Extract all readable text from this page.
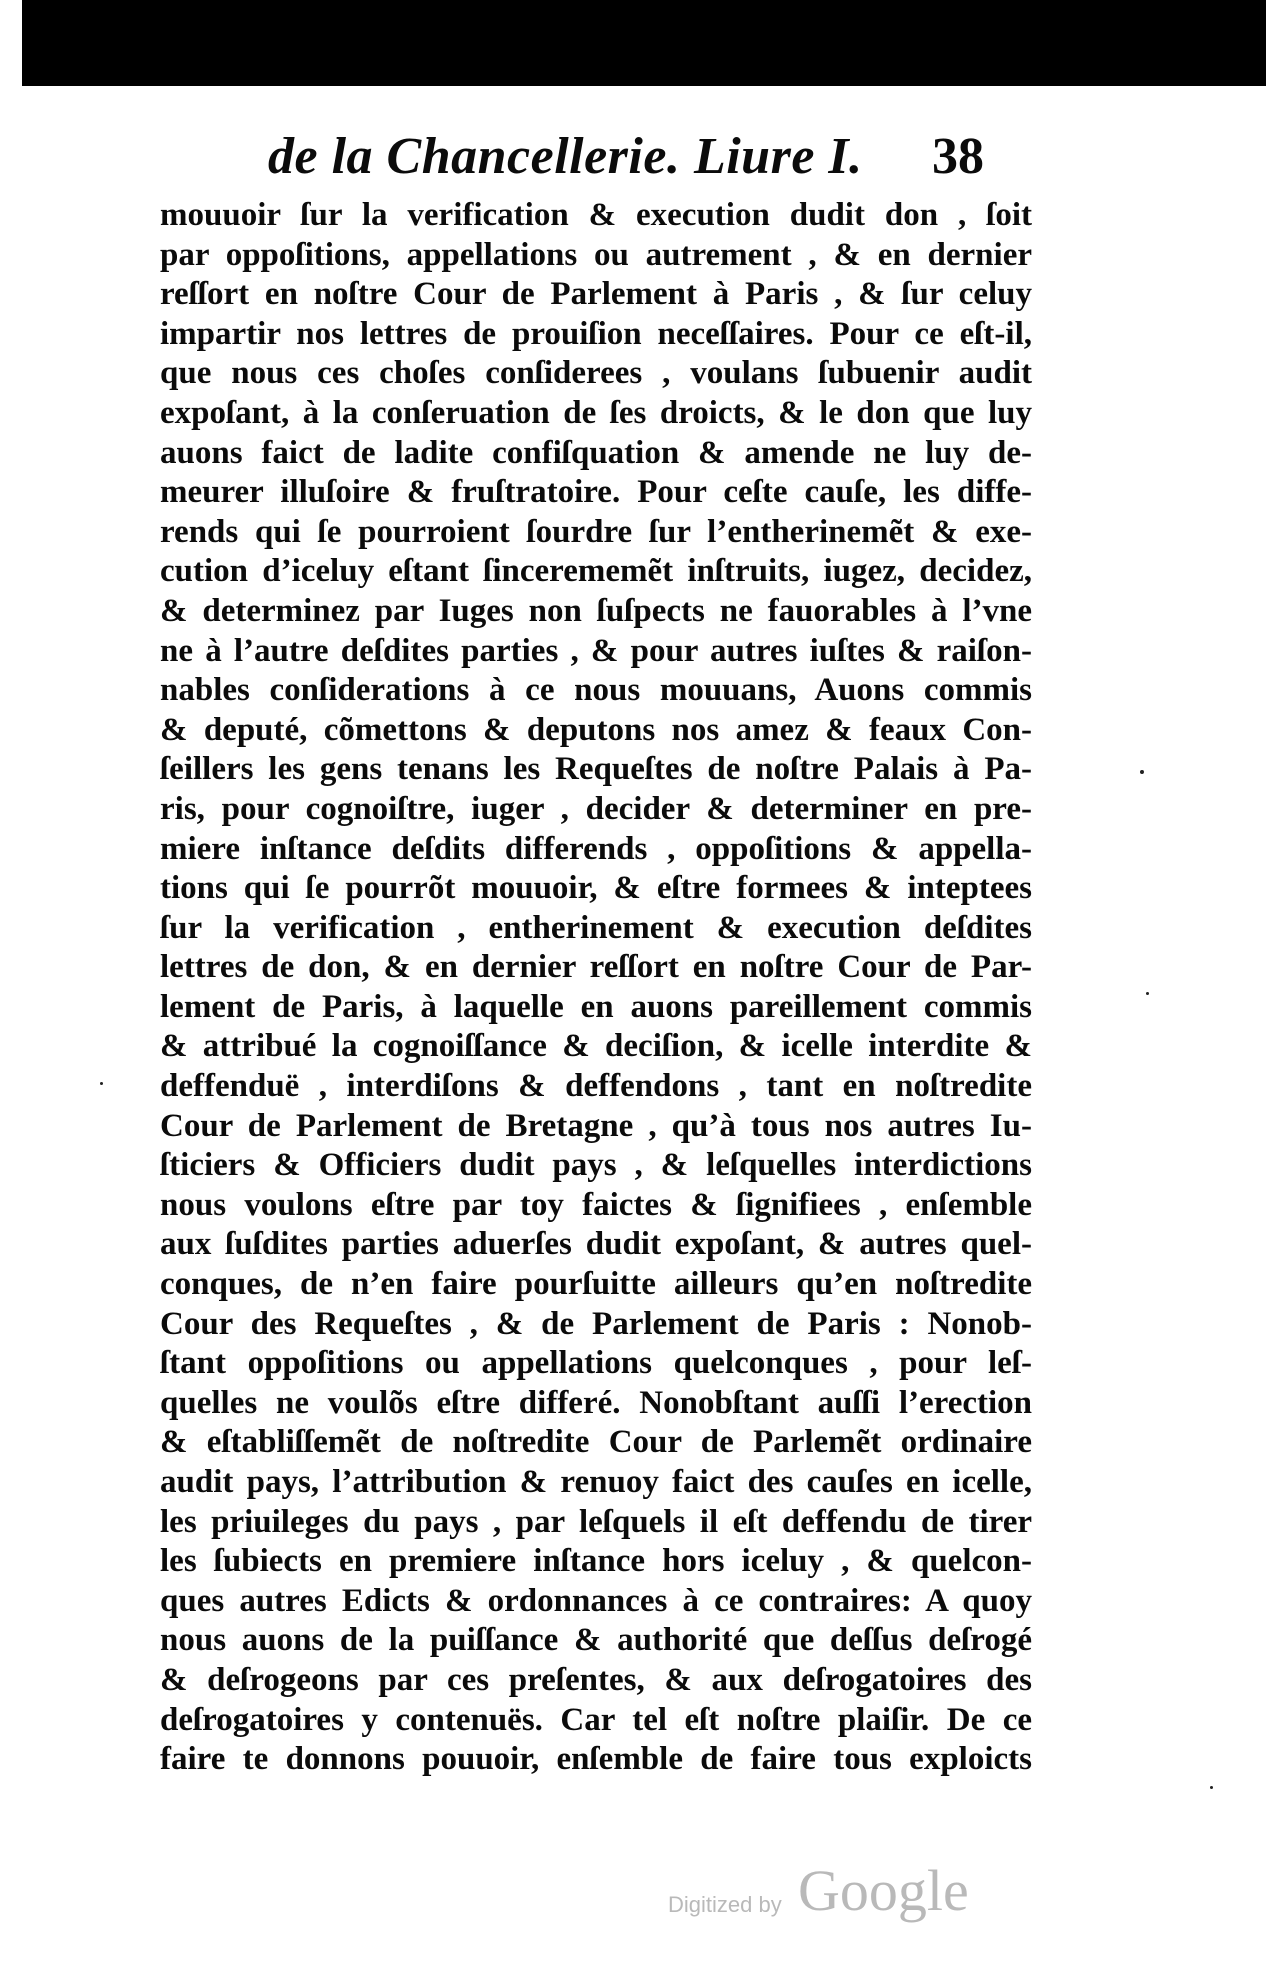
de la Chancellerie. Liure I. 38
mouuoir ſur la verification & execution dudit don , ſoit
par oppoſitions, appellations ou autrement , & en dernier
reſſort en noſtre Cour de Parlement à Paris , & ſur celuy
impartir nos lettres de prouiſion neceſſaires. Pour ce eſt-il,
que nous ces choſes conſiderees , voulans ſubuenir audit
expoſant, à la conſeruation de ſes droicts, & le don que luy
auons faict de ladite confiſquation & amende ne luy de-
meurer illuſoire & fruſtratoire. Pour ceſte cauſe, les diffe-
rends qui ſe pourroient ſourdre ſur l’entherinemẽt & exe-
cution d’iceluy eſtant ſincerememẽt inſtruits, iugez, decidez,
& determinez par Iuges non ſuſpects ne fauorables à l’vne
ne à l’autre deſdites parties , & pour autres iuſtes & raiſon-
nables conſiderations à ce nous mouuans, Auons commis
& deputé, cõmettons & deputons nos amez & feaux Con-
ſeillers les gens tenans les Requeſtes de noſtre Palais à Pa-
ris, pour cognoiſtre, iuger , decider & determiner en pre-
miere inſtance deſdits differends , oppoſitions & appella-
tions qui ſe pourrõt mouuoir, & eſtre formees & inteptees
ſur la verification , entherinement & execution deſdites
lettres de don, & en dernier reſſort en noſtre Cour de Par-
lement de Paris, à laquelle en auons pareillement commis
& attribué la cognoiſſance & deciſion, & icelle interdite &
deffenduë , interdiſons & deffendons , tant en noſtredite
Cour de Parlement de Bretagne , qu’à tous nos autres Iu-
ſticiers & Officiers dudit pays , & leſquelles interdictions
nous voulons eſtre par toy faictes & ſignifiees , enſemble
aux ſuſdites parties aduerſes dudit expoſant, & autres quel-
conques, de n’en faire pourſuitte ailleurs qu’en noſtredite
Cour des Requeſtes , & de Parlement de Paris : Nonob-
ſtant oppoſitions ou appellations quelconques , pour leſ-
quelles ne voulõs eſtre differé. Nonobſtant auſſi l’erection
& eſtabliſſemẽt de noſtredite Cour de Parlemẽt ordinaire
audit pays, l’attribution & renuoy faict des cauſes en icelle,
les priuileges du pays , par leſquels il eſt deffendu de tirer
les ſubiects en premiere inſtance hors iceluy , & quelcon-
ques autres Edicts & ordonnances à ce contraires: A quoy
nous auons de la puiſſance & authorité que deſſus deſrogé
& deſrogeons par ces preſentes, & aux deſrogatoires des
deſrogatoires y contenuës. Car tel eſt noſtre plaiſir. De ce
faire te donnons pouuoir, enſemble de faire tous exploicts
Digitized by Google
